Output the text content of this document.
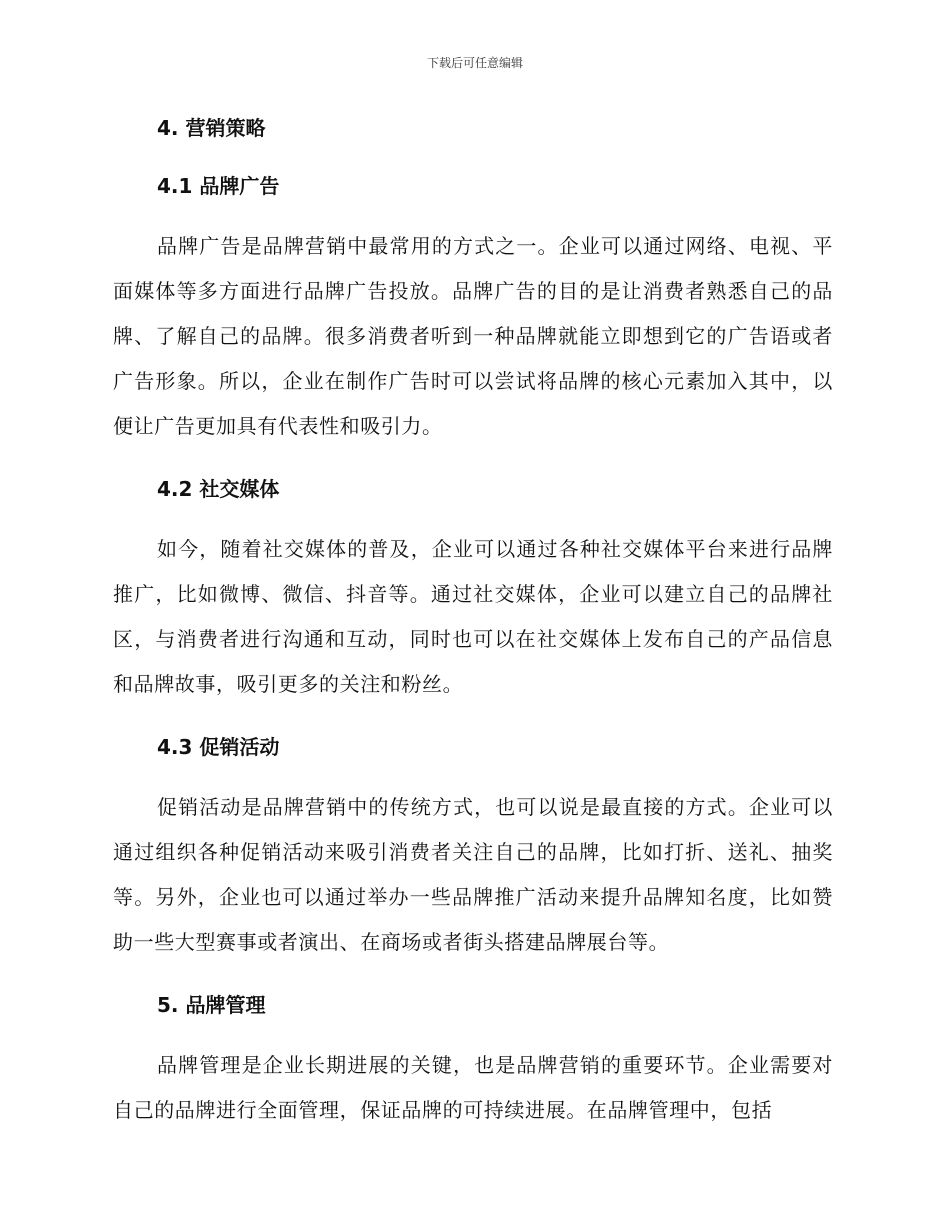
下载后可任意编辑
4. 营销策略
4.1 品牌广告

品牌广告是品牌营销中最常用的方式之一。企业可以通过网络、电视、平面媒体等多方面进行品牌广告投放。品牌广告的目的是让消费者熟悉自己的品牌、了解自己的品牌。很多消费者听到一种品牌就能立即想到它的广告语或者广告形象。所以，企业在制作广告时可以尝试将品牌的核心元素加入其中，以便让广告更加具有代表性和吸引力。

4.2 社交媒体

如今，随着社交媒体的普及，企业可以通过各种社交媒体平台来进行品牌推广，比如微博、微信、抖音等。通过社交媒体，企业可以建立自己的品牌社区，与消费者进行沟通和互动，同时也可以在社交媒体上发布自己的产品信息和品牌故事，吸引更多的关注和粉丝。

4.3 促销活动

促销活动是品牌营销中的传统方式，也可以说是最直接的方式。企业可以通过组织各种促销活动来吸引消费者关注自己的品牌，比如打折、送礼、抽奖等。另外，企业也可以通过举办一些品牌推广活动来提升品牌知名度，比如赞助一些大型赛事或者演出、在商场或者街头搭建品牌展台等。

5. 品牌管理

品牌管理是企业长期进展的关键，也是品牌营销的重要环节。企业需要对自己的品牌进行全面管理，保证品牌的可持续进展。在品牌管理中，包括
